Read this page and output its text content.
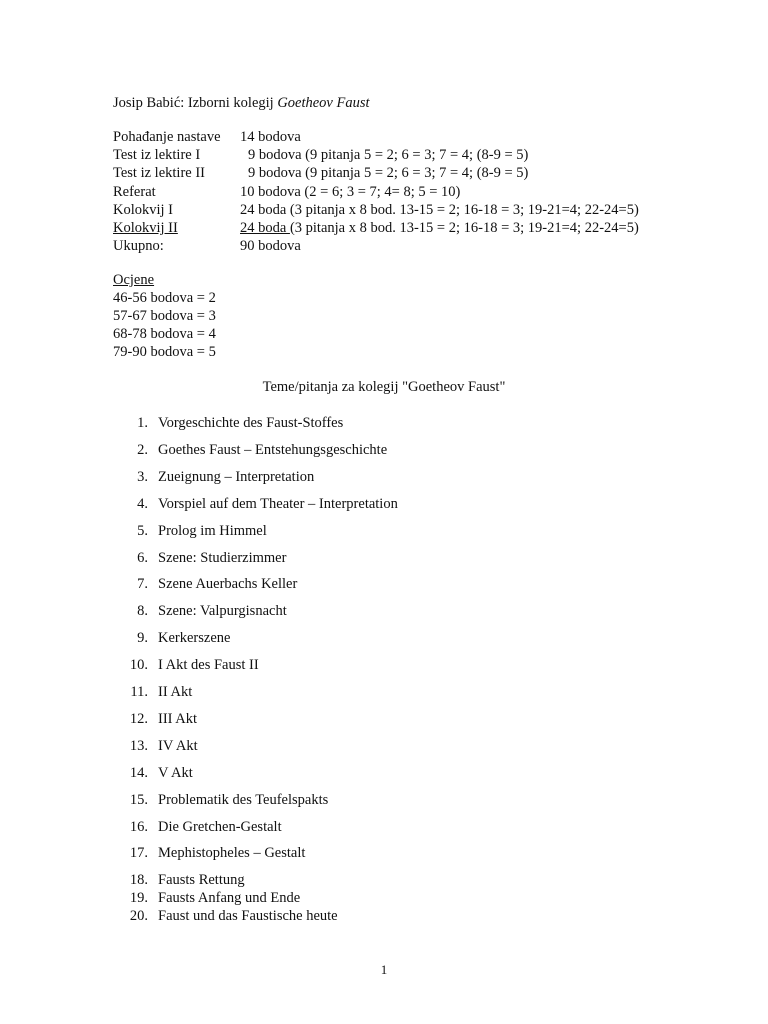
Josip Babić: Izborni kolegij Goetheov Faust
Pohađanje nastave 14 bodova
Test iz lektire I	9 bodova (9 pitanja 5 = 2; 6 = 3; 7 = 4; (8-9 = 5)
Test iz lektire II	9 bodova (9 pitanja 5 = 2; 6 = 3; 7 = 4; (8-9 = 5)
Referat	10 bodova (2 = 6; 3 = 7; 4= 8; 5 = 10)
Kolokvij I	24 boda (3 pitanja x 8 bod. 13-15 = 2; 16-18 = 3; 19-21=4; 22-24=5)
Kolokvij II	24 boda (3 pitanja x 8 bod. 13-15 = 2; 16-18 = 3; 19-21=4; 22-24=5)
Ukupno:	90 bodova
Ocjene
46-56 bodova = 2
57-67 bodova = 3
68-78 bodova = 4
79-90 bodova = 5
Teme/pitanja za kolegij "Goetheov Faust"
1. Vorgeschichte des Faust-Stoffes
2. Goethes Faust – Entstehungsgeschichte
3. Zueignung – Interpretation
4. Vorspiel auf dem Theater – Interpretation
5. Prolog im Himmel
6. Szene: Studierzimmer
7. Szene Auerbachs Keller
8. Szene: Valpurgisnacht
9. Kerkerszene
10. I Akt des Faust II
11. II Akt
12. III Akt
13. IV Akt
14. V Akt
15. Problematik des Teufelspakts
16. Die Gretchen-Gestalt
17. Mephistopheles – Gestalt
18. Fausts Rettung
19. Fausts Anfang und Ende
20. Faust und das Faustische heute
1
